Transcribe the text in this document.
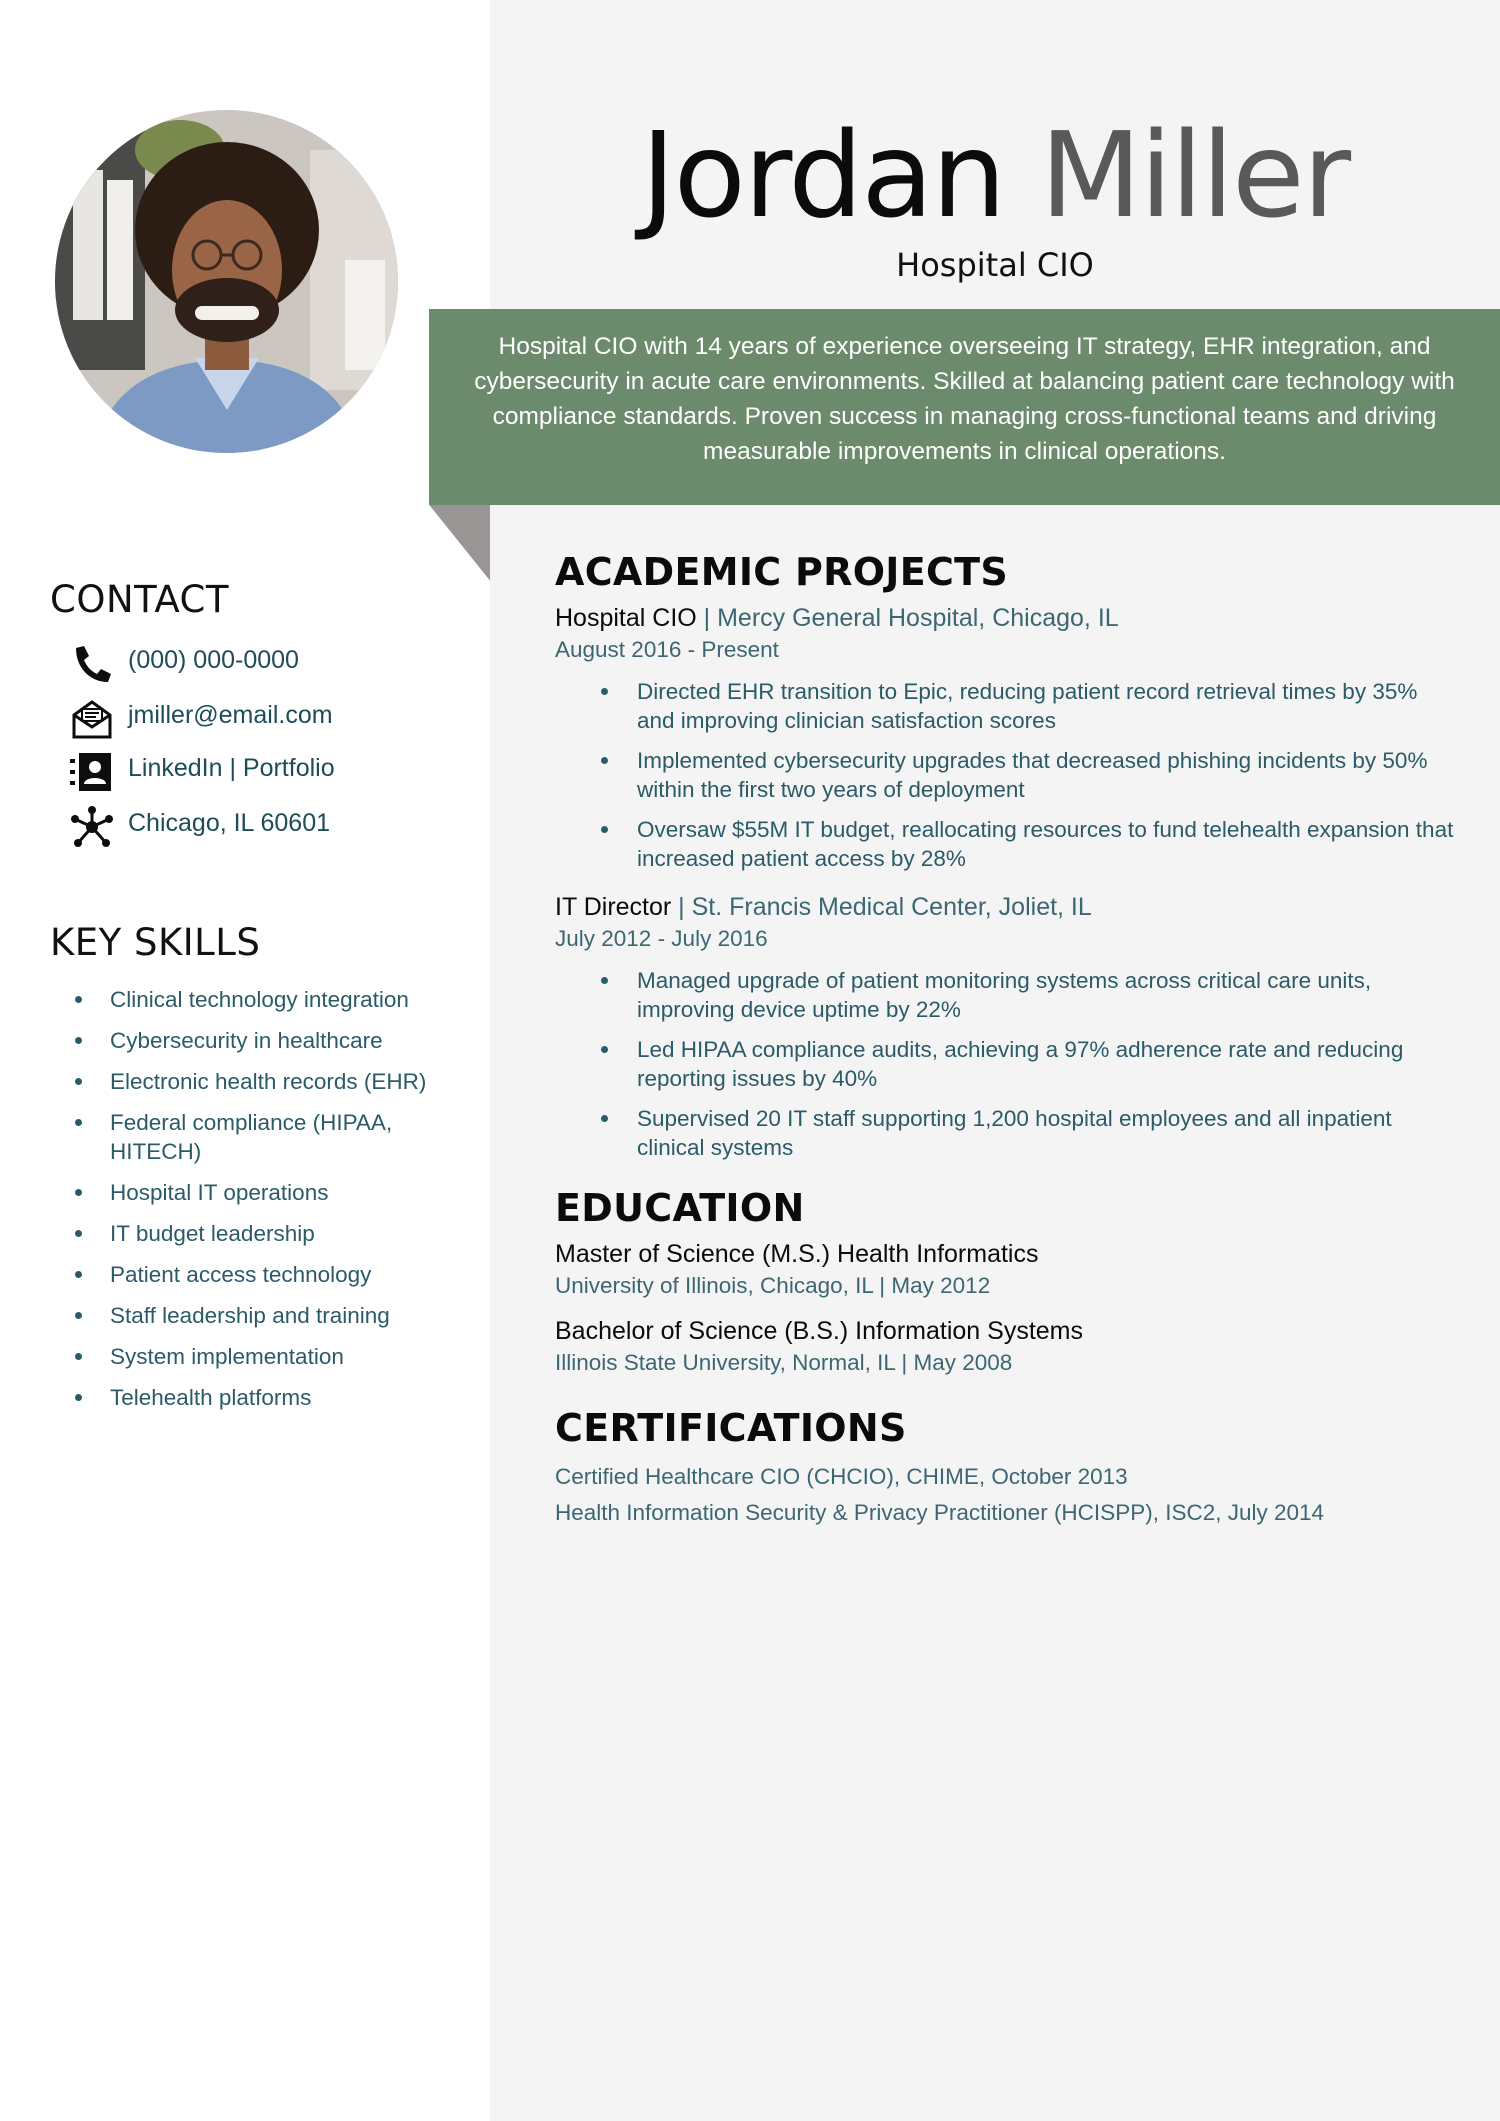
Jordan Miller
Hospital CIO
Hospital CIO with 14 years of experience overseeing IT strategy, EHR integration, and cybersecurity in acute care environments. Skilled at balancing patient care technology with compliance standards. Proven success in managing cross-functional teams and driving measurable improvements in clinical operations.
CONTACT
(000) 000-0000
jmiller@email.com
LinkedIn | Portfolio
Chicago, IL 60601
KEY SKILLS
Clinical technology integration
Cybersecurity in healthcare
Electronic health records (EHR)
Federal compliance (HIPAA, HITECH)
Hospital IT operations
IT budget leadership
Patient access technology
Staff leadership and training
System implementation
Telehealth platforms
ACADEMIC PROJECTS

Hospital CIO | Mercy General Hospital, Chicago, IL

August 2016 - Present

Directed EHR transition to Epic, reducing patient record retrieval times by 35% and improving clinician satisfaction scores
Implemented cybersecurity upgrades that decreased phishing incidents by 50% within the first two years of deployment
Oversaw $55M IT budget, reallocating resources to fund telehealth expansion that increased patient access by 28%

IT Director | St. Francis Medical Center, Joliet, IL

July 2012 - July 2016

Managed upgrade of patient monitoring systems across critical care units, improving device uptime by 22%
Led HIPAA compliance audits, achieving a 97% adherence rate and reducing reporting issues by 40%
Supervised 20 IT staff supporting 1,200 hospital employees and all inpatient clinical systems
EDUCATION

Master of Science (M.S.) Health Informatics

University of Illinois, Chicago, IL | May 2012

Bachelor of Science (B.S.) Information Systems

Illinois State University, Normal, IL | May 2008

CERTIFICATIONS

Certified Healthcare CIO (CHCIO), CHIME, October 2013

Health Information Security & Privacy Practitioner (HCISPP), ISC2, July 2014
